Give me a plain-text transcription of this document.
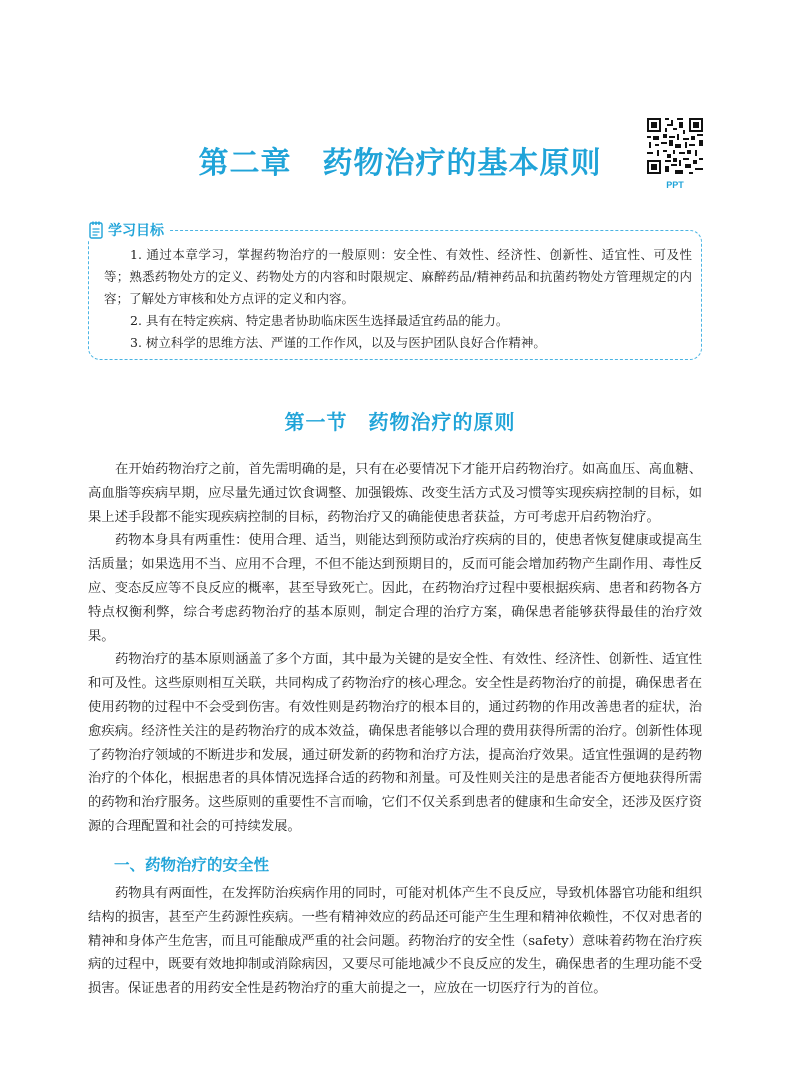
第二章　药物治疗的基本原则
PPT
学习目标

1. 通过本章学习，掌握药物治疗的一般原则：安全性、有效性、经济性、创新性、适宜性、可及性等；熟悉药物处方的定义、药物处方的内容和时限规定、麻醉药品/精神药品和抗菌药物处方管理规定的内容；了解处方审核和处方点评的定义和内容。

2. 具有在特定疾病、特定患者协助临床医生选择最适宜药品的能力。

3. 树立科学的思维方法、严谨的工作作风，以及与医护团队良好合作精神。

第一节　药物治疗的原则

在开始药物治疗之前，首先需明确的是，只有在必要情况下才能开启药物治疗。如高血压、高血糖、高血脂等疾病早期，应尽量先通过饮食调整、加强锻炼、改变生活方式及习惯等实现疾病控制的目标，如果上述手段都不能实现疾病控制的目标，药物治疗又的确能使患者获益，方可考虑开启药物治疗。

药物本身具有两重性：使用合理、适当，则能达到预防或治疗疾病的目的，使患者恢复健康或提高生活质量；如果选用不当、应用不合理，不但不能达到预期目的，反而可能会增加药物产生副作用、毒性反应、变态反应等不良反应的概率，甚至导致死亡。因此，在药物治疗过程中要根据疾病、患者和药物各方特点权衡利弊，综合考虑药物治疗的基本原则，制定合理的治疗方案，确保患者能够获得最佳的治疗效果。

药物治疗的基本原则涵盖了多个方面，其中最为关键的是安全性、有效性、经济性、创新性、适宜性和可及性。这些原则相互关联，共同构成了药物治疗的核心理念。安全性是药物治疗的前提，确保患者在使用药物的过程中不会受到伤害。有效性则是药物治疗的根本目的，通过药物的作用改善患者的症状，治愈疾病。经济性关注的是药物治疗的成本效益，确保患者能够以合理的费用获得所需的治疗。创新性体现了药物治疗领域的不断进步和发展，通过研发新的药物和治疗方法，提高治疗效果。适宜性强调的是药物治疗的个体化，根据患者的具体情况选择合适的药物和剂量。可及性则关注的是患者能否方便地获得所需的药物和治疗服务。这些原则的重要性不言而喻，它们不仅关系到患者的健康和生命安全，还涉及医疗资源的合理配置和社会的可持续发展。

一、药物治疗的安全性

药物具有两面性，在发挥防治疾病作用的同时，可能对机体产生不良反应，导致机体器官功能和组织结构的损害，甚至产生药源性疾病。一些有精神效应的药品还可能产生生理和精神依赖性，不仅对患者的精神和身体产生危害，而且可能酿成严重的社会问题。药物治疗的安全性（safety）意味着药物在治疗疾病的过程中，既要有效地抑制或消除病因，又要尽可能地减少不良反应的发生，确保患者的生理功能不受损害。保证患者的用药安全性是药物治疗的重大前提之一，应放在一切医疗行为的首位。
